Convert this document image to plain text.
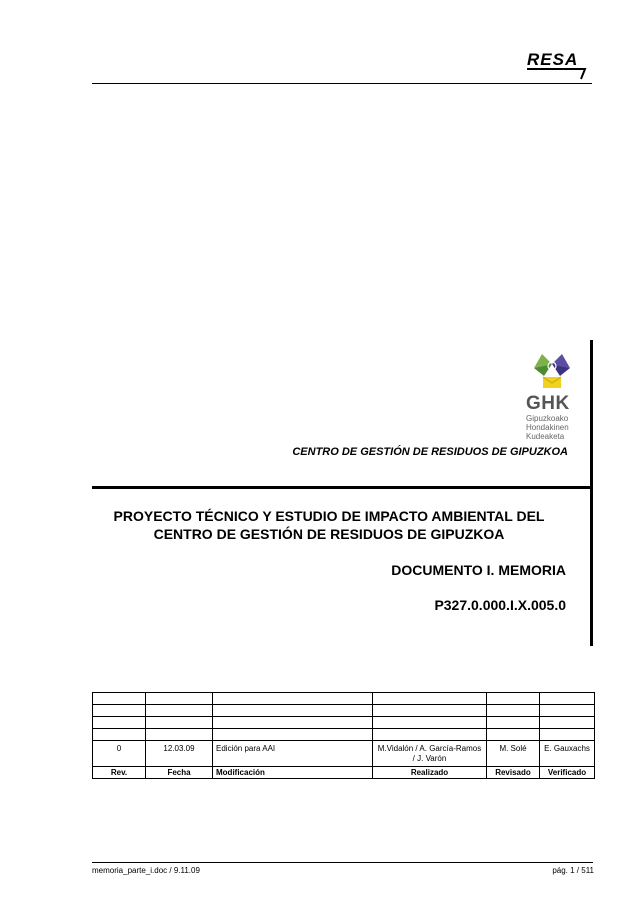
RESA
GHK
Gipuzkoako
Hondakinen
Kudeaketa
CENTRO DE GESTIÓN DE RESIDUOS DE GIPUZKOA
PROYECTO TÉCNICO Y ESTUDIO DE IMPACTO AMBIENTAL DEL
CENTRO DE GESTIÓN DE RESIDUOS DE GIPUZKOA
DOCUMENTO I. MEMORIA
P327.0.000.I.X.005.0

0	12.03.09	Edición para AAI	M.Vidalón / A. García-Ramos / J. Varón	M. Solé	E. Gauxachs
Rev.	Fecha	Modificación	Realizado	Revisado	Verificado
memoria_parte_i.doc / 9.11.09	pág. 1 / 511
